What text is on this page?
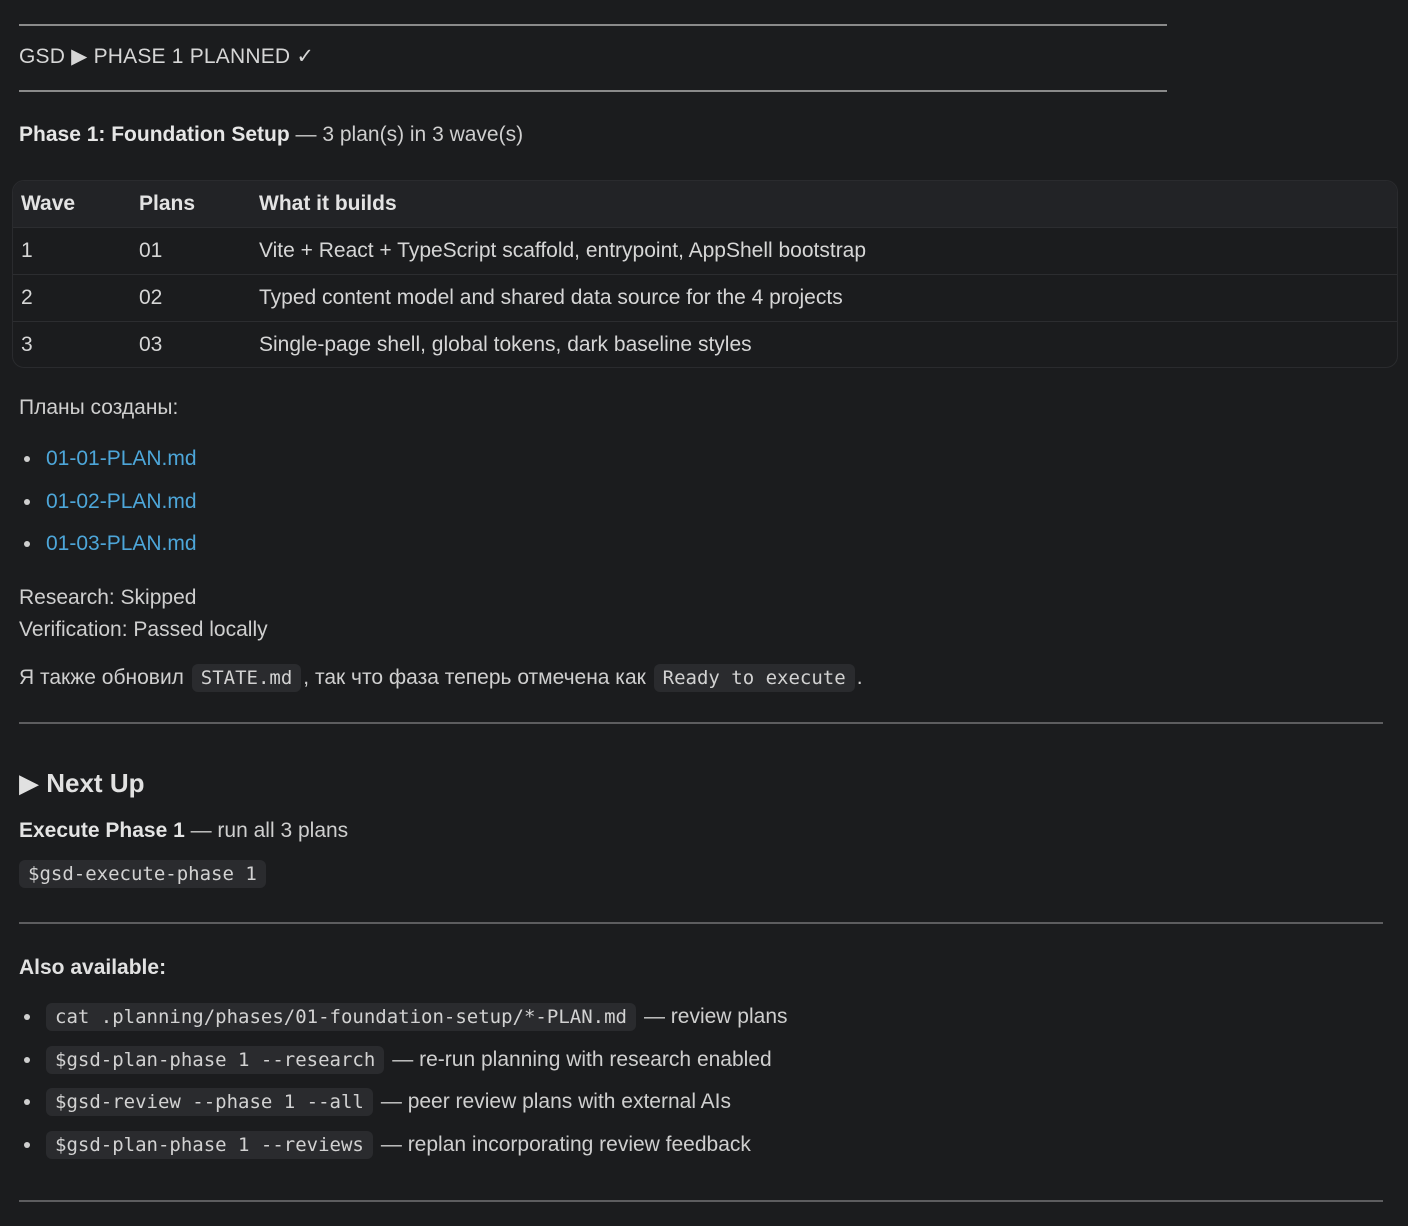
GSD ▶ PHASE 1 PLANNED ✓
Phase 1: Foundation Setup — 3 plan(s) in 3 wave(s)
Wave	Plans	What it builds
1	01	Vite + React + TypeScript scaffold, entrypoint, AppShell bootstrap
2	02	Typed content model and shared data source for the 4 projects
3	03	Single-page shell, global tokens, dark baseline styles
Планы созданы:
01-01-PLAN.md
01-02-PLAN.md
01-03-PLAN.md
Research: Skipped
Verification: Passed locally
Я также обновил STATE.md , так что фаза теперь отмечена как Ready to execute .
▶ Next Up
Execute Phase 1 — run all 3 plans
$gsd-execute-phase 1
Also available:
cat .planning/phases/01-foundation-setup/*-PLAN.md — review plans
$gsd-plan-phase 1 --research — re-run planning with research enabled
$gsd-review --phase 1 --all — peer review plans with external AIs
$gsd-plan-phase 1 --reviews — replan incorporating review feedback
